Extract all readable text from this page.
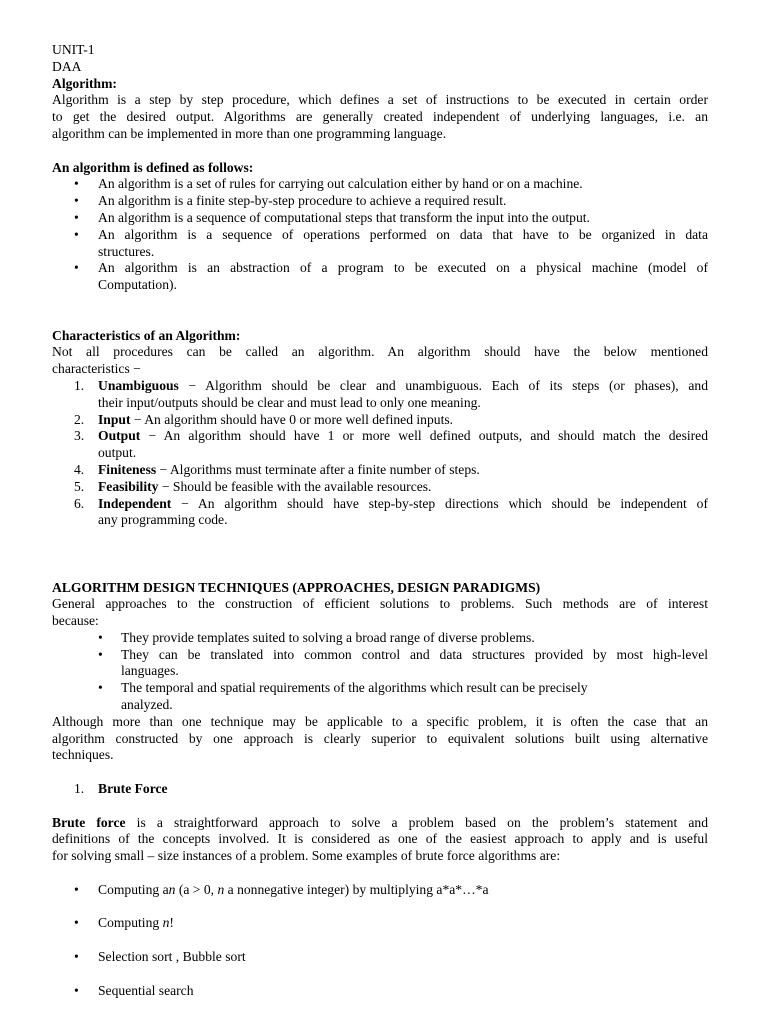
UNIT-1

DAA

Algorithm:

Algorithm is a step by step procedure, which defines a set of instructions to be executed in certain order

to get the desired output. Algorithms are generally created independent of underlying languages, i.e. an

algorithm can be implemented in more than one programming language.

An algorithm is defined as follows:

• An algorithm is a set of rules for carrying out calculation either by hand or on a machine.

• An algorithm is a finite step-by-step procedure to achieve a required result.

• An algorithm is a sequence of computational steps that transform the input into the output.

• An algorithm is a sequence of operations performed on data that have to be organized in data

structures.

• An algorithm is an abstraction of a program to be executed on a physical machine (model of

Computation).

Characteristics of an Algorithm:

Not all procedures can be called an algorithm. An algorithm should have the below mentioned

characteristics −

1. Unambiguous − Algorithm should be clear and unambiguous. Each of its steps (or phases), and

their input/outputs should be clear and must lead to only one meaning.

2. Input − An algorithm should have 0 or more well defined inputs.

3. Output − An algorithm should have 1 or more well defined outputs, and should match the desired

output.

4. Finiteness − Algorithms must terminate after a finite number of steps.

5. Feasibility − Should be feasible with the available resources.

6. Independent − An algorithm should have step-by-step directions which should be independent of

any programming code.

ALGORITHM DESIGN TECHNIQUES (APPROACHES, DESIGN PARADIGMS)

General approaches to the construction of efficient solutions to problems. Such methods are of interest

because:

• They provide templates suited to solving a broad range of diverse problems.

• They can be translated into common control and data structures provided by most high-level

languages.

• The temporal and spatial requirements of the algorithms which result can be precisely

analyzed.

Although more than one technique may be applicable to a specific problem, it is often the case that an

algorithm constructed by one approach is clearly superior to equivalent solutions built using alternative

techniques.

1. Brute Force

Brute force is a straightforward approach to solve a problem based on the problem’s statement and

definitions of the concepts involved. It is considered as one of the easiest approach to apply and is useful

for solving small – size instances of a problem. Some examples of brute force algorithms are:

• Computing an (a > 0, n a nonnegative integer) by multiplying a*a*…*a

• Computing n!

• Selection sort , Bubble sort

• Sequential search
